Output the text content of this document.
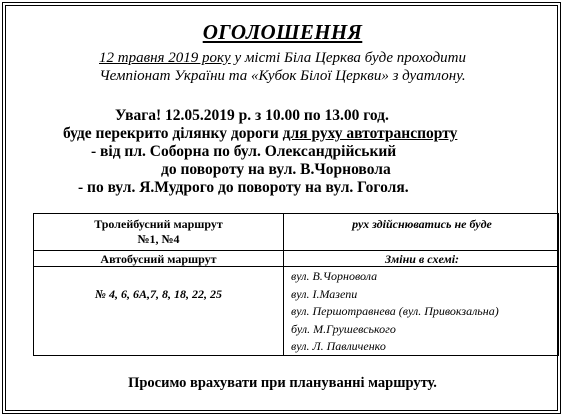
ОГОЛОШЕННЯ
12 травня 2019 року у місті Біла Церква буде проходити
Чемпіонат України та «Кубок Білої Церкви» з дуатлону.
Увага! 12.05.2019 р. з 10.00 по 13.00 год.
буде перекрито ділянку дороги для руху автотранспорту
- від пл. Соборна по бул. Олександрійський
до повороту на вул. В.Чорновола
- по вул. Я.Мудрого до повороту на вул. Гоголя.
Тролейбусний маршрут
№1, №4
рух здійснюватись не буде
Автобусний маршрут	Зміни в схемі:
№ 4, 6, 6А,7, 8, 18, 22, 25
вул. В.Чорновола
вул. І.Мазепи
вул. Першотравнева (вул. Привокзальна)
бул. М.Грушевського
вул. Л. Павличенко
Просимо врахувати при плануванні маршруту.
